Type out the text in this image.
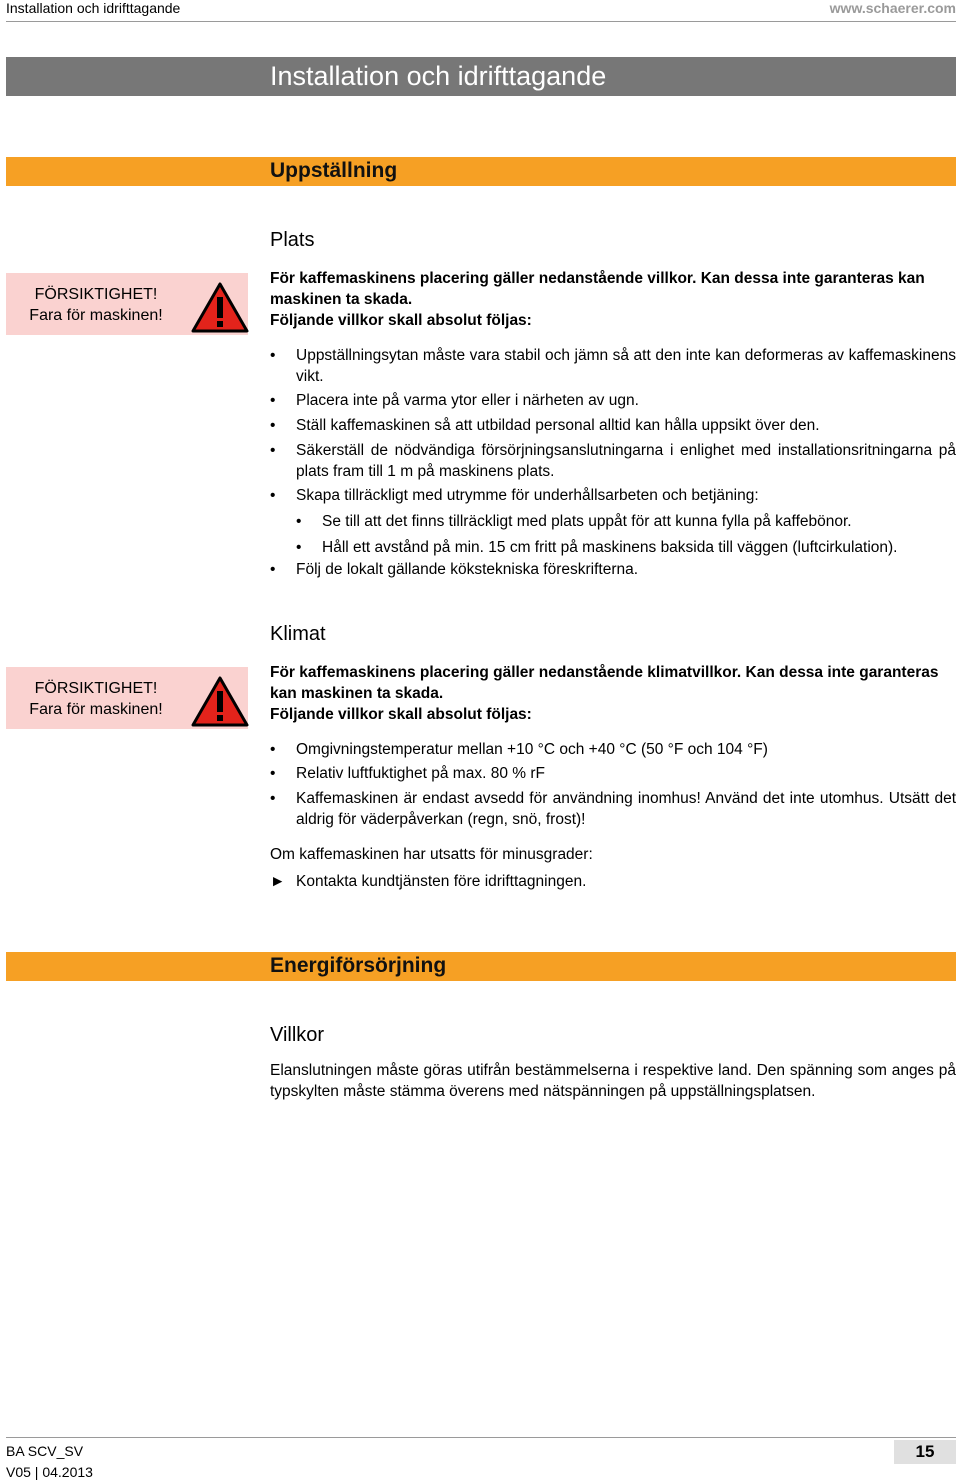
Installation och idrifttagande	www.schaerer.com
Installation och idrifttagande
Uppställning
Plats
FÖRSIKTIGHET!
Fara för maskinen!
För kaffemaskinens placering gäller nedanstående villkor. Kan dessa inte garanteras kan maskinen ta skada.
Följande villkor skall absolut följas:
• Uppställningsytan måste vara stabil och jämn så att den inte kan deformeras av kaffemaskinens vikt.
• Placera inte på varma ytor eller i närheten av ugn.
• Ställ kaffemaskinen så att utbildad personal alltid kan hålla uppsikt över den.
• Säkerställ de nödvändiga försörjningsanslutningarna i enlighet med installationsritningarna på plats fram till 1 m på maskinens plats.
• Skapa tillräckligt med utrymme för underhållsarbeten och betjäning:
• Se till att det finns tillräckligt med plats uppåt för att kunna fylla på kaffebönor.
• Håll ett avstånd på min. 15 cm fritt på maskinens baksida till väggen (luftcirkulation).
• Följ de lokalt gällande kökstekniska föreskrifterna.
Klimat
FÖRSIKTIGHET!
Fara för maskinen!
För kaffemaskinens placering gäller nedanstående klimatvillkor. Kan dessa inte garanteras kan maskinen ta skada.
Följande villkor skall absolut följas:
• Omgivningstemperatur mellan +10 °C och +40 °C (50 °F och 104 °F)
• Relativ luftfuktighet på max. 80 % rF
• Kaffemaskinen är endast avsedd för användning inomhus! Använd det inte utomhus. Utsätt det aldrig för väderpåverkan (regn, snö, frost)!
Om kaffemaskinen har utsatts för minusgrader:
► Kontakta kundtjänsten före idrifttagningen.
Energiförsörjning
Villkor
Elanslutningen måste göras utifrån bestämmelserna i respektive land. Den spänning som anges på typskylten måste stämma överens med nätspänningen på uppställningsplatsen.
BA SCV_SV
V05 | 04.2013
15
